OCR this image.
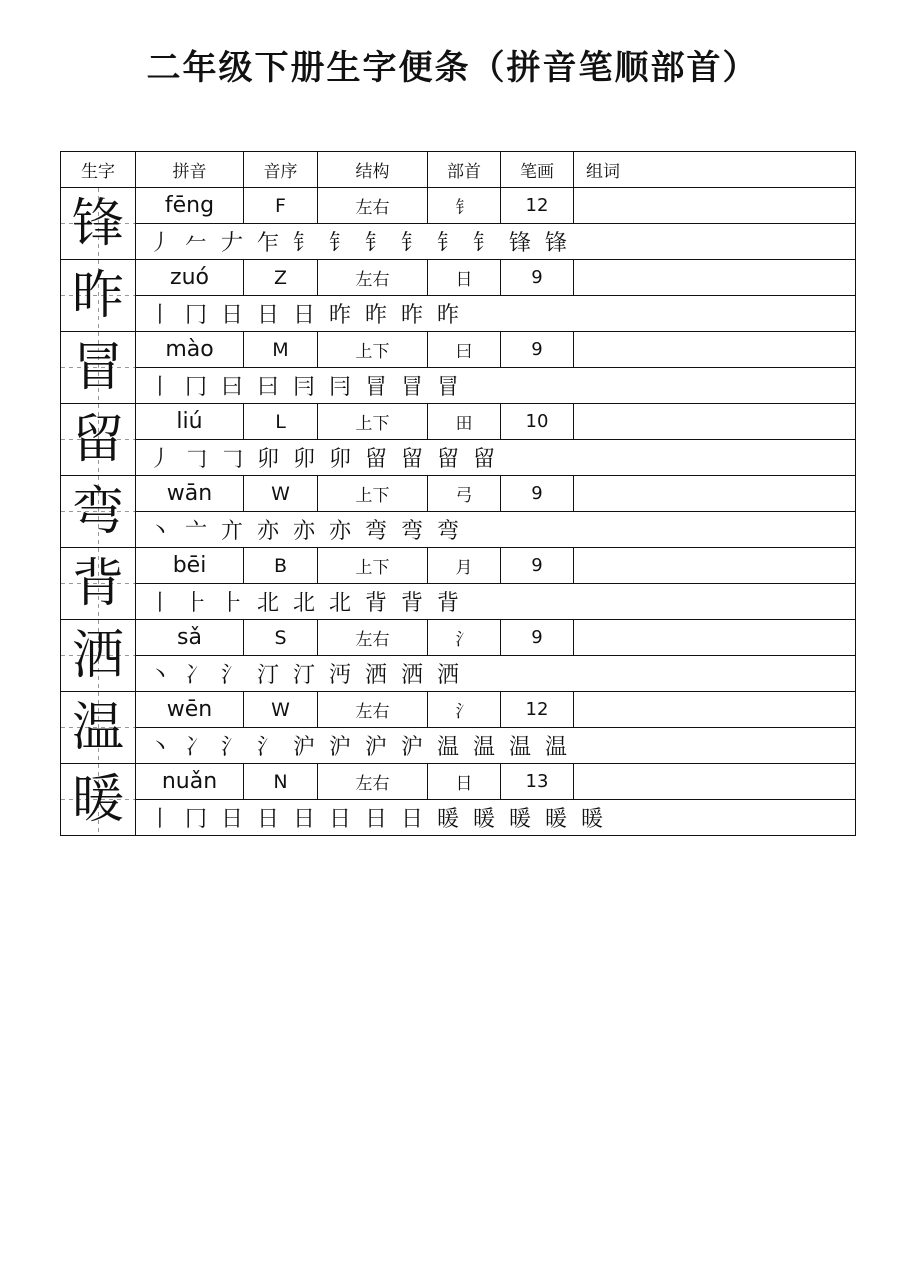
二年级下册生字便条（拼音笔顺部首）
生字	拼音	音序	结构	部首	笔画	组词
锋	fēng	F	左右	钅	12	
	丿 𠂉 𠂇 乍 钅 钅 钅 钅 钅 钅 锋 锋					
昨	zuó	Z	左右	日	9	
	丨 冂 日 日 日 昨 昨 昨 昨					
冒	mào	M	上下	曰	9	
	丨 冂 曰 曰 冃 冃 冒 冒 冒					
留	liú	L	上下	田	10	
	丿 𠃌 𠃌 卯 卯 卯 留 留 留 留					
弯	wān	W	上下	弓	9	
	丶 亠 亣 亦 亦 亦 弯 弯 弯					
背	bēi	B	上下	月	9	
	丨 ⺊ ⺊ 北 北 北 背 背 背					
洒	sǎ	S	左右	氵	9	
	丶 冫 氵 汀 汀 沔 洒 洒 洒					
温	wēn	W	左右	氵	12	
	丶 冫 氵 氵 沪 沪 沪 沪 温 温 温 温					
暖	nuǎn	N	左右	日	13	
	丨 冂 日 日 日 日 日 日 暖 暖 暖 暖 暖					
